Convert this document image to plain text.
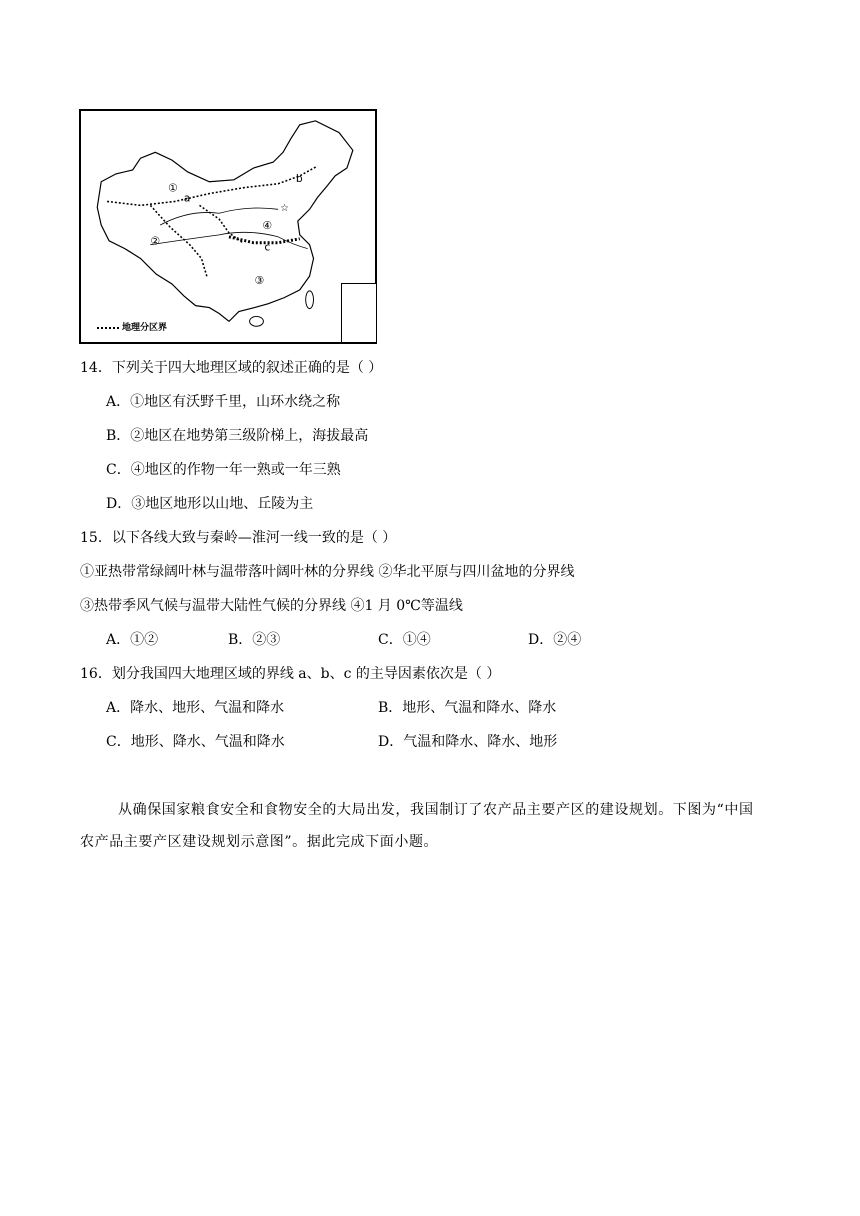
☆
①
a
②
③
④
b
c
地理分区界
14．下列关于四大地理区域的叙述正确的是（ ）
A．①地区有沃野千里，山环水绕之称
B．②地区在地势第三级阶梯上，海拔最高
C．④地区的作物一年一熟或一年三熟
D．③地区地形以山地、丘陵为主
15．以下各线大致与秦岭—淮河一线一致的是（ ）
①亚热带常绿阔叶林与温带落叶阔叶林的分界线 ②华北平原与四川盆地的分界线
③热带季风气候与温带大陆性气候的分界线 ④1 月 0℃等温线
A．①②	B．②③	C．①④	D．②④
16．划分我国四大地理区域的界线 a、b、c 的主导因素依次是（ ）
A．降水、地形、气温和降水	B．地形、气温和降水、降水
C．地形、降水、气温和降水	D．气温和降水、降水、地形
从确保国家粮食安全和食物安全的大局出发，我国制订了农产品主要产区的建设规划。下图为“中国
农产品主要产区建设规划示意图”。据此完成下面小题。
